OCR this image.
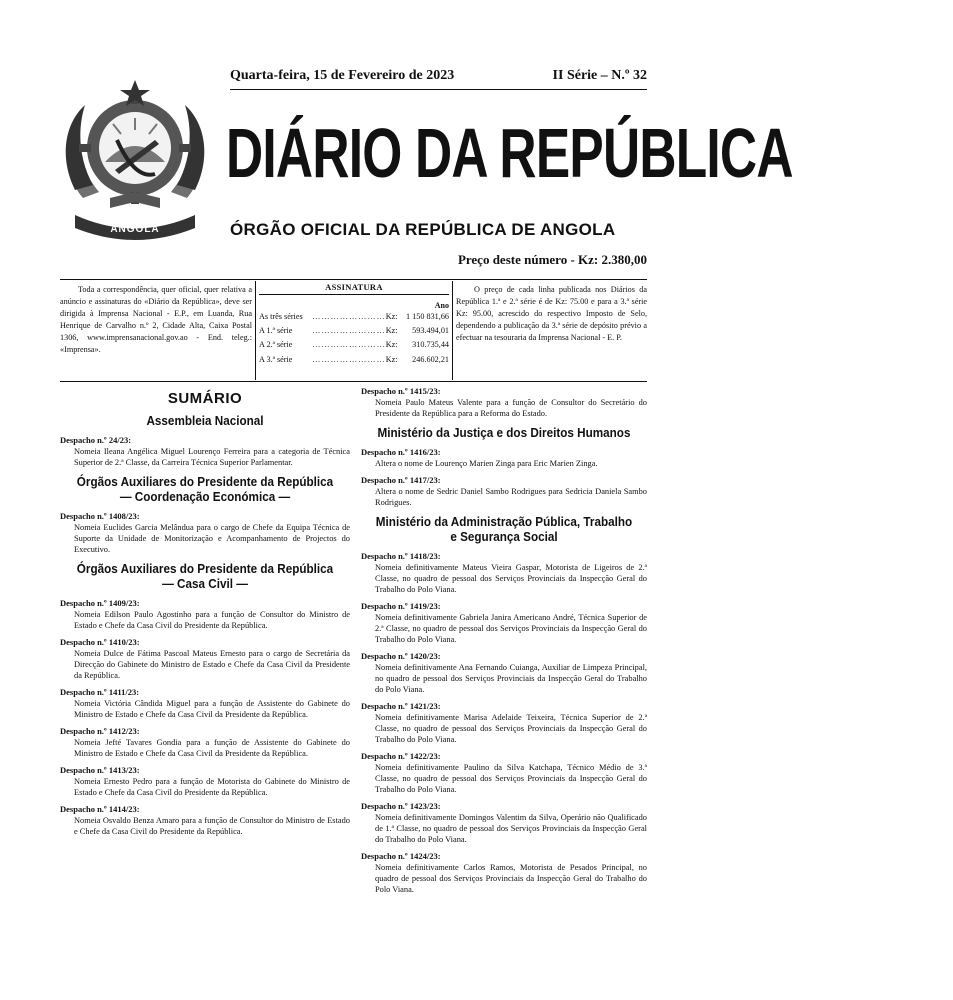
República de Angola
ANGOLA
Quarta-feira, 15 de Fevereiro de 2023	II Série – N.º 32
DIÁRIO DA REPÚBLICA
ÓRGÃO OFICIAL DA REPÚBLICA DE ANGOLA
Preço deste número - Kz: 2.380,00
Toda a correspondência, quer oficial, quer relativa a anúncio e assinaturas do «Diário da República», deve ser dirigida à Imprensa Nacional - E.P., em Luanda, Rua Henrique de Carvalho n.º 2, Cidade Alta, Caixa Postal 1306, www.imprensanacional.gov.ao - End. teleg.: «Imprensa».
ASSINATURA
Ano
As três séries	…………………… Kz:	1 150 831,66
A 1.ª série	…………………… Kz:	593.494,01
A 2.ª série	…………………… Kz:	310.735,44
A 3.ª série	…………………… Kz:	246.602,21
O preço de cada linha publicada nos Diários da República 1.ª e 2.ª série é de Kz: 75.00 e para a 3.ª série Kz: 95.00, acrescido do respectivo Imposto de Selo, dependendo a publicação da 3.ª série de depósito prévio a efectuar na tesouraria da Imprensa Nacional - E. P.
SUMÁRIO
Assembleia Nacional
Despacho n.º 24/23:
Nomeia Ileana Angélica Miguel Lourenço Ferreira para a categoria de Técnica Superior de 2.ª Classe, da Carreira Técnica Superior Parlamentar.
Órgãos Auxiliares do Presidente da República — Coordenação Económica —
Despacho n.º 1408/23:
Nomeia Euclides Garcia Melândua para o cargo de Chefe da Equipa Técnica de Suporte da Unidade de Monitorização e Acompanhamento de Projectos do Executivo.
Órgãos Auxiliares do Presidente da República — Casa Civil —
Despacho n.º 1409/23:
Nomeia Edilson Paulo Agostinho para a função de Consultor do Ministro de Estado e Chefe da Casa Civil do Presidente da República.
Despacho n.º 1410/23:
Nomeia Dulce de Fátima Pascoal Mateus Ernesto para o cargo de Secretária da Direcção do Gabinete do Ministro de Estado e Chefe da Casa Civil da Presidente da República.
Despacho n.º 1411/23:
Nomeia Victória Cândida Miguel para a função de Assistente do Gabinete do Ministro de Estado e Chefe da Casa Civil da Presidente da República.
Despacho n.º 1412/23:
Nomeia Jefté Tavares Gondia para a função de Assistente do Gabinete do Ministro de Estado e Chefe da Casa Civil da Presidente da República.
Despacho n.º 1413/23:
Nomeia Ernesto Pedro para a função de Motorista do Gabinete do Ministro de Estado e Chefe da Casa Civil do Presidente da República.
Despacho n.º 1414/23:
Nomeia Osvaldo Benza Amaro para a função de Consultor do Ministro de Estado e Chefe da Casa Civil do Presidente da República.
Despacho n.º 1415/23:
Nomeia Paulo Mateus Valente para a função de Consultor do Secretário do Presidente da República para a Reforma do Estado.
Ministério da Justiça e dos Direitos Humanos
Despacho n.º 1416/23:
Altera o nome de Lourenço Marien Zinga para Eric Marien Zinga.
Despacho n.º 1417/23:
Altera o nome de Sedric Daniel Sambo Rodrigues para Sedricia Daniela Sambo Rodrigues.
Ministério da Administração Pública, Trabalho e Segurança Social
Despacho n.º 1418/23:
Nomeia definitivamente Mateus Vieira Gaspar, Motorista de Ligeiros de 2.ª Classe, no quadro de pessoal dos Serviços Provinciais da Inspecção Geral do Trabalho do Polo Viana.
Despacho n.º 1419/23:
Nomeia definitivamente Gabriela Janira Americano André, Técnica Superior de 2.ª Classe, no quadro de pessoal dos Serviços Provinciais da Inspecção Geral do Trabalho do Polo Viana.
Despacho n.º 1420/23:
Nomeia definitivamente Ana Fernando Cuianga, Auxiliar de Limpeza Principal, no quadro de pessoal dos Serviços Provinciais da Inspecção Geral do Trabalho do Polo Viana.
Despacho n.º 1421/23:
Nomeia definitivamente Marisa Adelaide Teixeira, Técnica Superior de 2.ª Classe, no quadro de pessoal dos Serviços Provinciais da Inspecção Geral do Trabalho do Polo Viana.
Despacho n.º 1422/23:
Nomeia definitivamente Paulino da Silva Katchapa, Técnico Médio de 3.ª Classe, no quadro de pessoal dos Serviços Provinciais da Inspecção Geral do Trabalho do Polo Viana.
Despacho n.º 1423/23:
Nomeia definitivamente Domingos Valentim da Silva, Operário não Qualificado de 1.ª Classe, no quadro de pessoal dos Serviços Provinciais da Inspecção Geral do Trabalho do Polo Viana.
Despacho n.º 1424/23:
Nomeia definitivamente Carlos Ramos, Motorista de Pesados Principal, no quadro de pessoal dos Serviços Provinciais da Inspecção Geral do Trabalho do Polo Viana.
